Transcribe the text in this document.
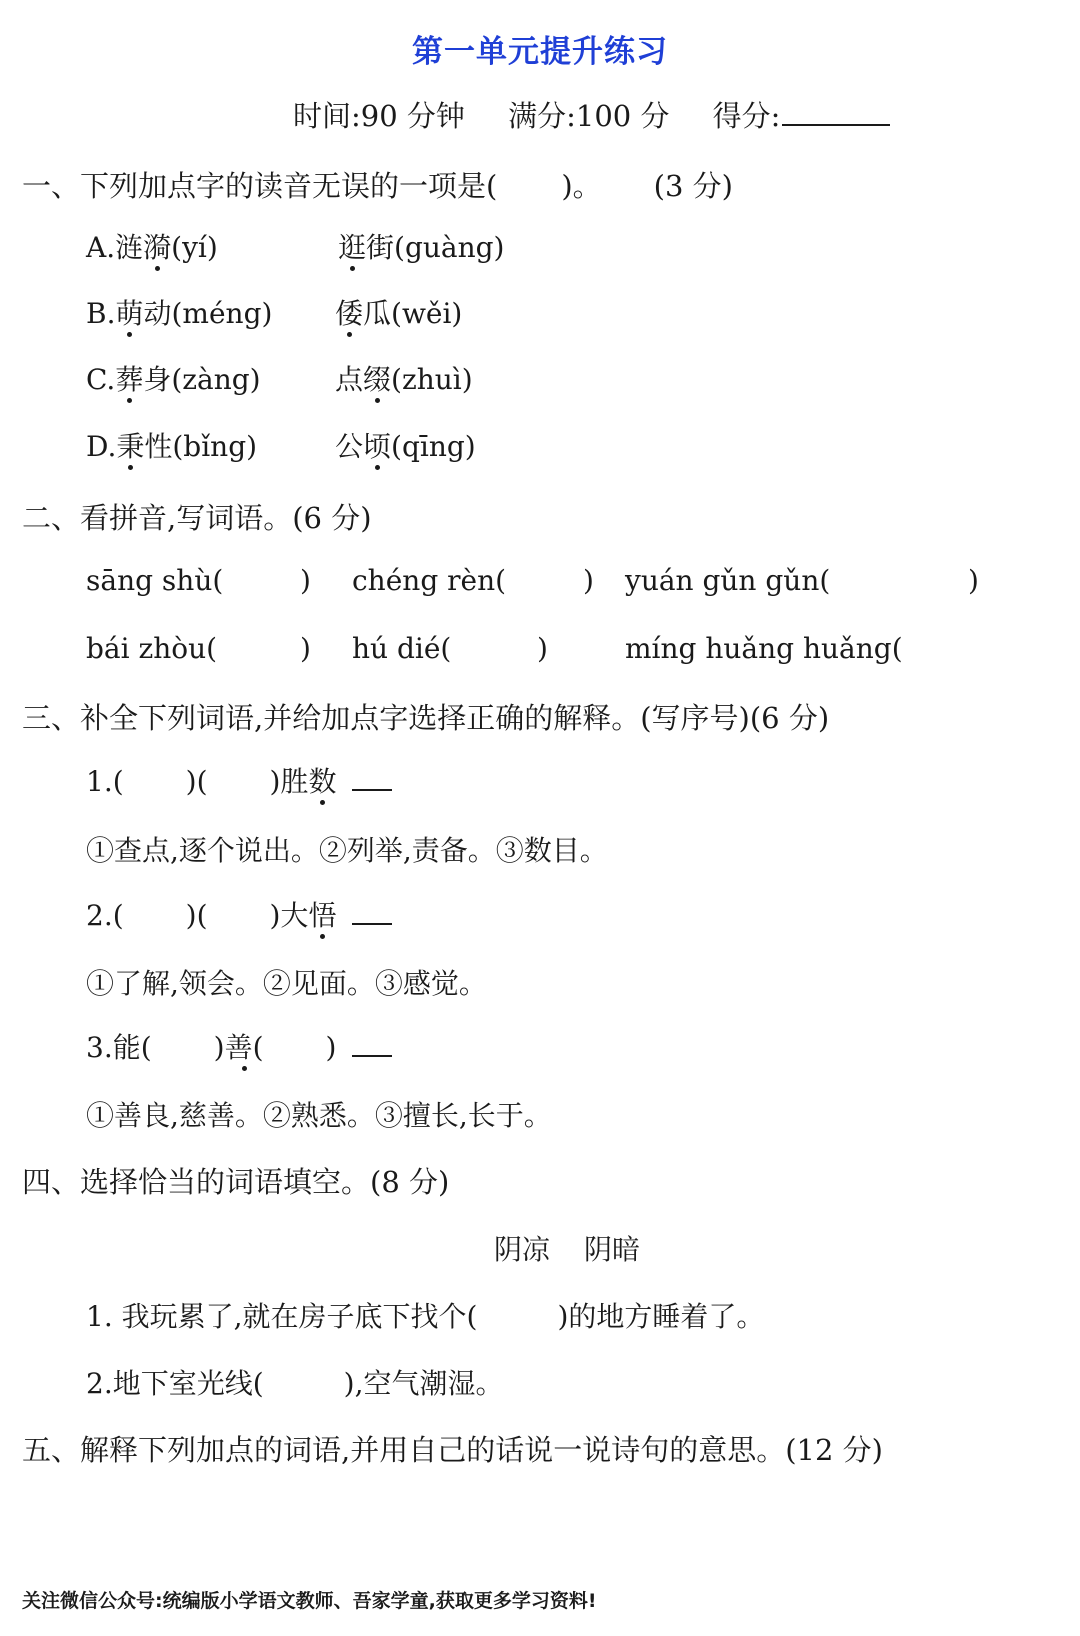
第一单元提升练习
时间:90 分钟 满分:100 分 得分:
一、下列加点字的读音无误的一项是( )。 (3 分)
A.涟漪(yí)	逛街(guàng)
B.萌动(méng) 倭瓜(wěi)
C.葬身(zàng)	点缀(zhuì)
D.秉性(bǐng)	公顷(qīng)
二、看拼音,写词语。(6 分)
sāng shù(	) chéng rèn(	) yuán gǔn gǔn(	)
bái zhòu(	) hú dié(	)	míng huǎng huǎng(
三、补全下列词语,并给加点字选择正确的解释。(写序号)(6 分)
1.( )( )胜数
①查点,逐个说出。②列举,责备。③数目。
2.( )( )大悟
①了解,领会。②见面。③感觉。
3.能( )善( )
①善良,慈善。②熟悉。③擅长,长于。
四、选择恰当的词语填空。(8 分)
阴凉 阴暗
1. 我玩累了,就在房子底下找个(	)的地方睡着了。
2.地下室光线(	),空气潮湿。
五、解释下列加点的词语,并用自己的话说一说诗句的意思。(12 分)
关注微信公众号:统编版小学语文教师、吾家学童,获取更多学习资料!
